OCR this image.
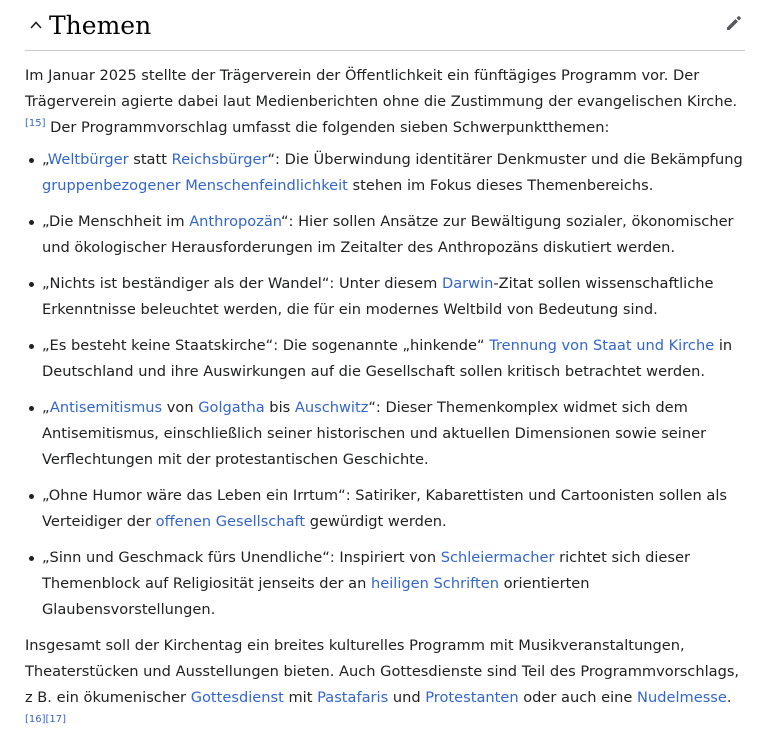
Themen

Im Januar 2025 stellte der Trägerverein der Öffentlichkeit ein fünftägiges Programm vor. Der Trägerverein agierte dabei laut Medienberichten ohne die Zustimmung der evangelischen Kirche.[15] Der Programmvorschlag umfasst die folgenden sieben Schwerpunktthemen:

„Weltbürger statt Reichsbürger“: Die Überwindung identitärer Denkmuster und die Bekämpfung gruppenbezogener Menschenfeindlichkeit stehen im Fokus dieses Themenbereichs.
„Die Menschheit im Anthropozän“: Hier sollen Ansätze zur Bewältigung sozialer, ökonomischer und ökologischer Herausforderungen im Zeitalter des Anthropozäns diskutiert werden.
„Nichts ist beständiger als der Wandel“: Unter diesem Darwin-Zitat sollen wissenschaftliche Erkenntnisse beleuchtet werden, die für ein modernes Weltbild von Bedeutung sind.
„Es besteht keine Staatskirche“: Die sogenannte „hinkende“ Trennung von Staat und Kirche in Deutschland und ihre Auswirkungen auf die Gesellschaft sollen kritisch betrachtet werden.
„Antisemitismus von Golgatha bis Auschwitz“: Dieser Themenkomplex widmet sich dem Antisemitismus, einschließlich seiner historischen und aktuellen Dimensionen sowie seiner Verflechtungen mit der protestantischen Geschichte.
„Ohne Humor wäre das Leben ein Irrtum“: Satiriker, Kabarettisten und Cartoonisten sollen als Verteidiger der offenen Gesellschaft gewürdigt werden.
„Sinn und Geschmack fürs Unendliche“: Inspiriert von Schleiermacher richtet sich dieser Themenblock auf Religiosität jenseits der an heiligen Schriften orientierten Glaubensvorstellungen.

Insgesamt soll der Kirchentag ein breites kulturelles Programm mit Musikveranstaltungen, Theaterstücken und Ausstellungen bieten. Auch Gottesdienste sind Teil des Programmvorschlags, z B. ein ökumenischer Gottesdienst mit Pastafaris und Protestanten oder auch eine Nudelmesse.[16][17]
